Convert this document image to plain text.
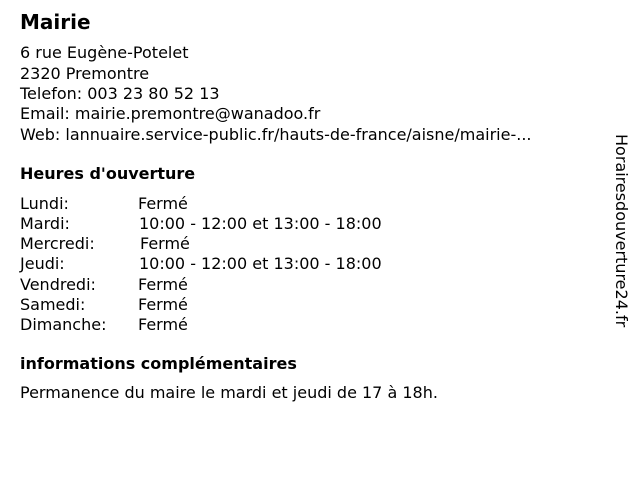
Mairie
6 rue Eugène-Potelet
2320 Premontre
Telefon: 003 23 80 52 13
Email: mairie.premontre@wanadoo.fr
Web: lannuaire.service-public.fr/hauts-de-france/aisne/mairie-...
Heures d'ouverture
Lundi:	Fermé
Mardi:	10:00 - 12:00 et 13:00 - 18:00
Mercredi:	Fermé
Jeudi:	10:00 - 12:00 et 13:00 - 18:00
Vendredi:	Fermé
Samedi:	Fermé
Dimanche: Fermé
informations complémentaires
Permanence du maire le mardi et jeudi de 17 à 18h.
Horairesdouverture24.fr
